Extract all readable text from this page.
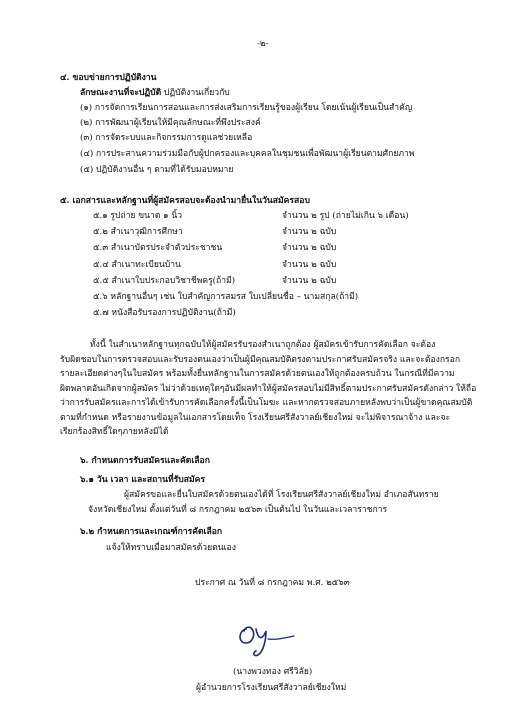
-๒-
๔. ขอบข่ายการปฏิบัติงาน
ลักษณะงานที่จะปฏิบัติ ปฏิบัติงานเกี่ยวกับ
(๑) การจัดการเรียนการสอนและการส่งเสริมการเรียนรู้ของผู้เรียน โดยเน้นผู้เรียนเป็นสำคัญ
(๒) การพัฒนาผู้เรียนให้มีคุณลักษณะที่พึงประสงค์
(๓) การจัดระบบและกิจกรรมการดูแลช่วยเหลือ
(๔) การประสานความร่วมมือกับผู้ปกครองและบุคคลในชุมชนเพื่อพัฒนาผู้เรียนตามศักยภาพ
(๕) ปฏิบัติงานอื่น ๆ ตามที่ได้รับมอบหมาย
๕. เอกสารและหลักฐานที่ผู้สมัครสอบจะต้องนำมายื่นในวันสมัครสอบ
๕.๑ รูปถ่าย ขนาด ๑ นิ้ว	จำนวน ๒ รูป (ถ่ายไม่เกิน ๖ เดือน)
๕.๒ สำเนาวุฒิการศึกษา	จำนวน ๒ ฉบับ
๕.๓ สำเนาบัตรประจำตัวประชาชน	จำนวน ๒ ฉบับ
๕.๔ สำเนาทะเบียนบ้าน	จำนวน ๒ ฉบับ
๕.๕ สำเนาใบประกอบวิชาชีพครู(ถ้ามี)	จำนวน ๒ ฉบับ
๕.๖ หลักฐานอื่นๆ เช่น ใบสำคัญการสมรส ใบเปลี่ยนชื่อ – นามสกุล(ถ้ามี)
๕.๗ หนังสือรับรองการปฏิบัติงาน(ถ้ามี)
ทั้งนี้ ในสำเนาหลักฐานทุกฉบับให้ผู้สมัครรับรองสำเนาถูกต้อง ผู้สมัครเข้ารับการคัดเลือก จะต้อง
รับผิดชอบในการตรวจสอบและรับรองตนเองว่าเป็นผู้มีคุณสมบัติตรงตามประกาศรับสมัครจริง และจะต้องกรอก
รายละเอียดต่างๆในใบสมัคร พร้อมทั้งยื่นหลักฐานในการสมัครด้วยตนเองให้ถูกต้องครบถ้วน ในกรณีที่มีความ
ผิดพลาดอันเกิดจากผู้สมัคร ไม่ว่าด้วยเหตุใดๆอันมีผลทำให้ผู้สมัครสอบไม่มีสิทธิ์ตามประกาศรับสมัครดังกล่าว ให้ถือ
ว่าการรับสมัครและการได้เข้ารับการคัดเลือกครั้งนี้เป็นโมฆะ และหากตรวจสอบภายหลังพบว่าเป็นผู้ขาดคุณสมบัติ
ตามที่กำหนด หรือรายงานข้อมูลในเอกสารโดยเท็จ โรงเรียนศรีสังวาลย์เชียงใหม่ จะไม่พิจารณาจ้าง และจะ
เรียกร้องสิทธิ์ใดๆภายหลังมิได้
๖. กำหนดการรับสมัครและคัดเลือก
๖.๑ วัน เวลา และสถานที่รับสมัคร
ผู้สมัครขอและยื่นใบสมัครด้วยตนเองได้ที่ โรงเรียนศรีสังวาลย์เชียงใหม่ อำเภอสันทราย
จังหวัดเชียงใหม่ ตั้งแต่วันที่ ๘ กรกฎาคม ๒๕๖๓ เป็นต้นไป ในวันและเวลาราชการ
๖.๒ กำหนดการและเกณฑ์การคัดเลือก
แจ้งให้ทราบเมื่อมาสมัครด้วยตนเอง
ประกาศ ณ วันที่ ๘ กรกฎาคม พ.ศ. ๒๕๖๓
(นางพวงทอง ศรีวิลัย)
ผู้อำนวยการโรงเรียนศรีสังวาลย์เชียงใหม่
